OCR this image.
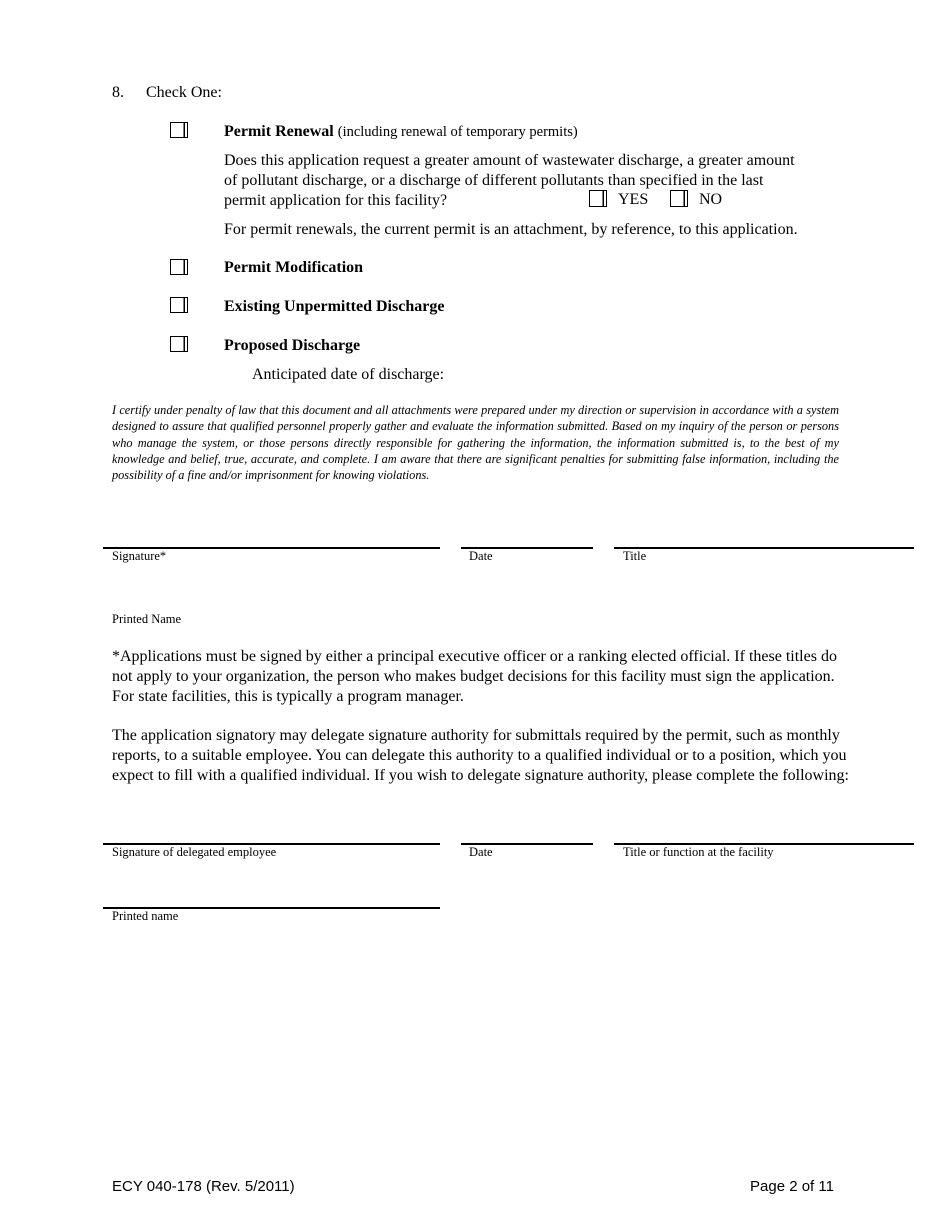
8. Check One:
Permit Renewal (including renewal of temporary permits)
Does this application request a greater amount of wastewater discharge, a greater amount
of pollutant discharge, or a discharge of different pollutants than specified in the last
permit application for this facility?	YES	NO
For permit renewals, the current permit is an attachment, by reference, to this application.
Permit Modification
Existing Unpermitted Discharge
Proposed Discharge
Anticipated date of discharge:
I certify under penalty of law that this document and all attachments were prepared under my direction or supervision in accordance with a system designed to assure that qualified personnel properly gather and evaluate the information submitted. Based on my inquiry of the person or persons who manage the system, or those persons directly responsible for gathering the information, the information submitted is, to the best of my knowledge and belief, true, accurate, and complete. I am aware that there are significant penalties for submitting false information, including the possibility of a fine and/or imprisonment for knowing violations.
Signature*	Date	Title
Printed Name
*Applications must be signed by either a principal executive officer or a ranking elected official. If these titles do not apply to your organization, the person who makes budget decisions for this facility must sign the application. For state facilities, this is typically a program manager.
The application signatory may delegate signature authority for submittals required by the permit, such as monthly reports, to a suitable employee. You can delegate this authority to a qualified individual or to a position, which you expect to fill with a qualified individual. If you wish to delegate signature authority, please complete the following:
Signature of delegated employee	Date	Title or function at the facility
Printed name
ECY 040-178 (Rev. 5/2011)	Page 2 of 11
